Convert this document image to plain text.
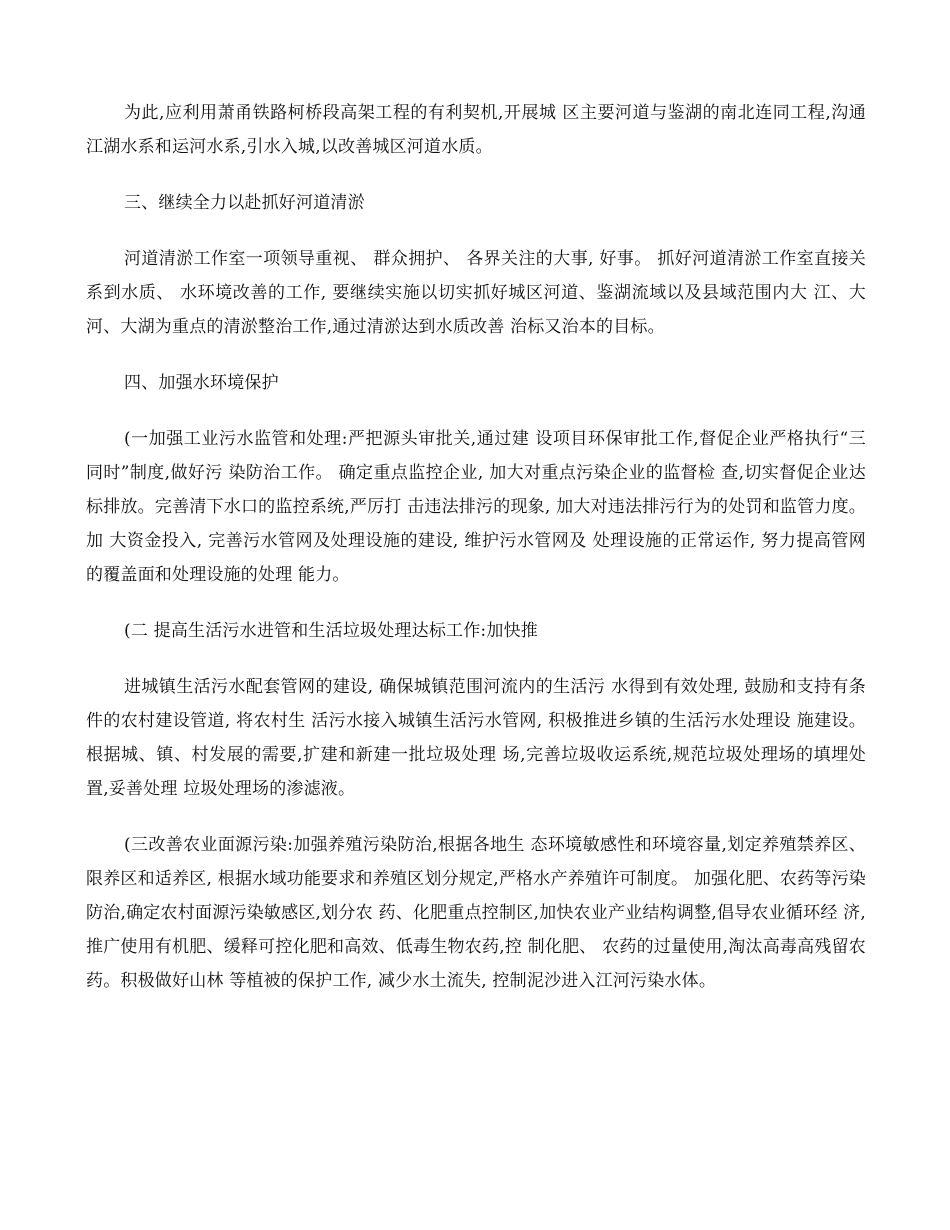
为此,应利用萧甬铁路柯桥段高架工程的有利契机,开展城 区主要河道与鉴湖的南北连同工程,沟通江湖水系和运河水系,引水入城,以改善城区河道水质。

三、继续全力以赴抓好河道清淤

河道清淤工作室一项领导重视、 群众拥护、 各界关注的大事, 好事。 抓好河道清淤工作室直接关系到水质、 水环境改善的工作, 要继续实施以切实抓好城区河道、鉴湖流域以及县域范围内大 江、大河、大湖为重点的清淤整治工作,通过清淤达到水质改善 治标又治本的目标。

四、加强水环境保护

(一加强工业污水监管和处理:严把源头审批关,通过建 设项目环保审批工作,督促企业严格执行“三同时”制度,做好污 染防治工作。 确定重点监控企业, 加大对重点污染企业的监督检 查,切实督促企业达标排放。完善清下水口的监控系统,严厉打 击违法排污的现象, 加大对违法排污行为的处罚和监管力度。 加 大资金投入, 完善污水管网及处理设施的建设, 维护污水管网及 处理设施的正常运作, 努力提高管网的覆盖面和处理设施的处理 能力。

(二 提高生活污水进管和生活垃圾处理达标工作:加快推

进城镇生活污水配套管网的建设, 确保城镇范围河流内的生活污 水得到有效处理, 鼓励和支持有条件的农村建设管道, 将农村生 活污水接入城镇生活污水管网, 积极推进乡镇的生活污水处理设 施建设。根据城、镇、村发展的需要,扩建和新建一批垃圾处理 场,完善垃圾收运系统,规范垃圾处理场的填埋处置,妥善处理 垃圾处理场的渗滤液。

(三改善农业面源污染:加强养殖污染防治,根据各地生 态环境敏感性和环境容量,划定养殖禁养区、限养区和适养区, 根据水域功能要求和养殖区划分规定,严格水产养殖许可制度。 加强化肥、农药等污染防治,确定农村面源污染敏感区,划分农 药、化肥重点控制区,加快农业产业结构调整,倡导农业循环经 济,推广使用有机肥、缓释可控化肥和高效、低毒生物农药,控 制化肥、 农药的过量使用,淘汰高毒高残留农药。积极做好山林 等植被的保护工作, 减少水土流失, 控制泥沙进入江河污染水体。
